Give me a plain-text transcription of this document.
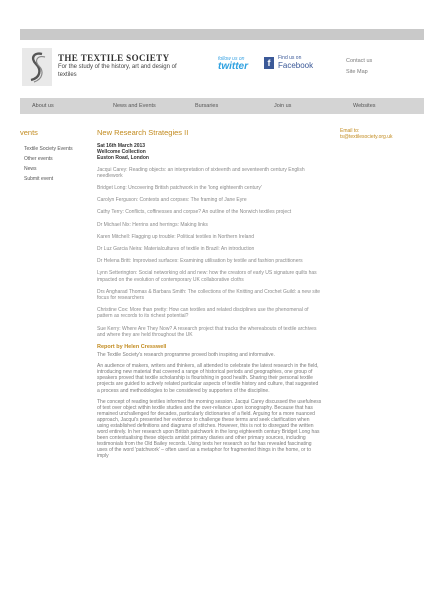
THE TEXTILE SOCIETY
For the study of the history, art and design of textiles
follow us on
twitter	f	Find us on
Facebook	Contact us
Site Map
About us	News and Events	Bursaries	Join us	Websites
vents
Textile Society Events
Other events
News
Submit event
New Research Strategies II
Sat 16th March 2013
Wellcome Collection
Euston Road, London
Jacqui Carey: Reading objects: an interpretation of sixteenth and seventeenth century English needlework
Bridget Long: Uncovering British patchwork in the 'long eighteenth century'
Carolyn Ferguson: Contexts and corpses: The framing of Jane Eyre
Cathy Terry: Conflicts, coffinesses and corpse? An outline of the Norwich textiles project
Dr Michael Nix: Herrins and herrings: Making links
Karen Mitchell: Flagging up trouble: Political textiles in Northern Ireland
Dr Luz Garcia Neira: Materialcultures of textile in Brazil: An introduction
Dr Helena Britt: Improvised surfaces: Examining utilisation by textile and fashion practitioners
Lynn Setterington: Social networking old and new: how the creators of early US signature quilts has impacted on the evolution of contemporary UK collaborative cloths
Drs Angharad Thomas & Barbara Smith: The collections of the Knitting and Crochet Guild: a new site focus for researchers
Christine Cox: More than pretty: How can textiles and related disciplines use the phenomenal of pattern as records to its richest potential?
Sue Kerry: Where Are They Now? A research project that tracks the whereabouts of textile archives and where they are held throughout the UK
Report by Helen Cresswell
The Textile Society's research programme proved both inspiring and informative.
An audience of makers, writers and thinkers, all attended to celebrate the latest research in the field, introducing new material that covered a range of historical periods and geographies, one group of speakers proved that textile scholarship is flourishing in good health. Sharing their personal textile projects are guided to actively related particular aspects of textile history and culture, that suggested a process and methodologies to be considered by supporters of the discipline.
The concept of reading textiles informed the morning session. Jacqui Carey discussed the usefulness of text over object within textile studies and the over-reliance upon iconography. Because that has remained unchallenged for decades, particularly dictionaries of a field. Arguing for a more nuanced approach, Jacqui's presented her evidence to challenge these terms and seek clarification when using established definitions and diagrams of stitches. However, this is not to disregard the written word entirely. In her research upon British patchwork in the long eighteenth century Bridget Long has been contextualising these objects amidst primary diaries and other primary sources, including testimonials from the Old Bailey records. Using texts her research so far has revealed fascinating uses of the word 'patchwork' – often used as a metaphor for fragmented things in the home, or to imply
Email to:
ts@textilesociety.org.uk
